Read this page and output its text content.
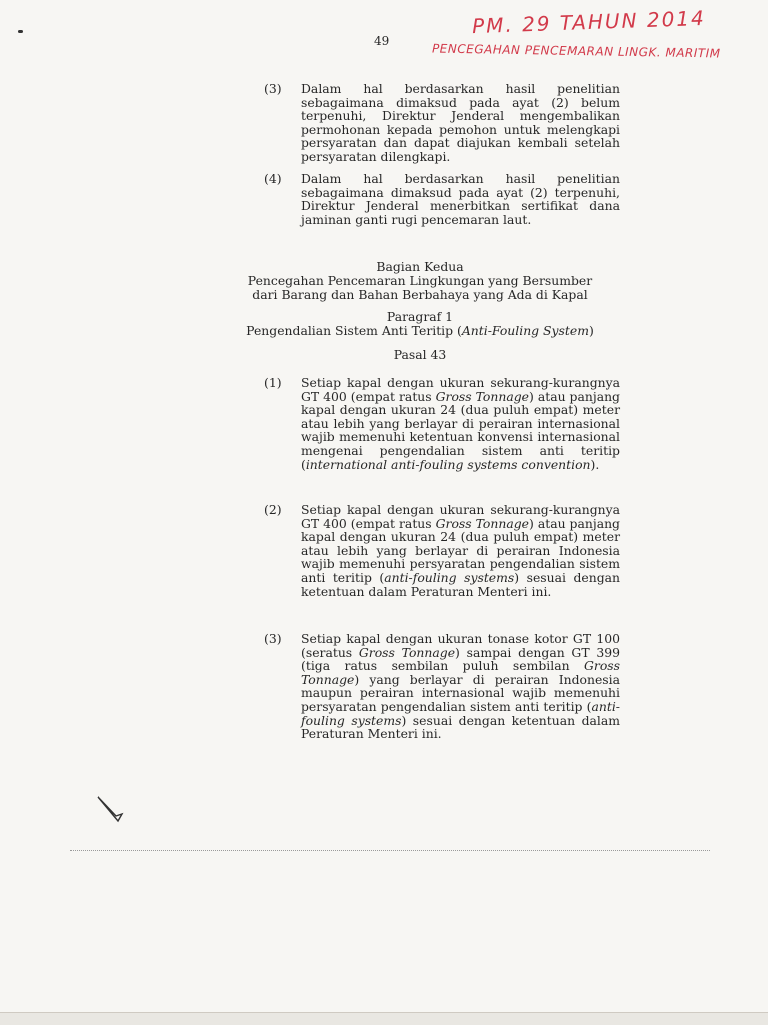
49
PM. 29 TAHUN 2014
PENCEGAHAN PENCEMARAN LINGK. MARITIM
(3) Dalam hal berdasarkan hasil penelitian sebagaimana dimaksud pada ayat (2) belum terpenuhi, Direktur Jenderal mengembalikan permohonan kepada pemohon untuk melengkapi persyaratan dan dapat diajukan kembali setelah persyaratan dilengkapi.
(4) Dalam hal berdasarkan hasil penelitian sebagaimana dimaksud pada ayat (2) terpenuhi, Direktur Jenderal menerbitkan sertifikat dana jaminan ganti rugi pencemaran laut.
Bagian Kedua
Pencegahan Pencemaran Lingkungan yang Bersumber
dari Barang dan Bahan Berbahaya yang Ada di Kapal
Paragraf 1
Pengendalian Sistem Anti Teritip (Anti-Fouling System)
Pasal 43
(1) Setiap kapal dengan ukuran sekurang-kurangnya GT 400 (empat ratus Gross Tonnage) atau panjang kapal dengan ukuran 24 (dua puluh empat) meter atau lebih yang berlayar di perairan internasional wajib memenuhi ketentuan konvensi internasional mengenai pengendalian sistem anti teritip (international anti-fouling systems convention).
(2) Setiap kapal dengan ukuran sekurang-kurangnya GT 400 (empat ratus Gross Tonnage) atau panjang kapal dengan ukuran 24 (dua puluh empat) meter atau lebih yang berlayar di perairan Indonesia wajib memenuhi persyaratan pengendalian sistem anti teritip (anti-fouling systems) sesuai dengan ketentuan dalam Peraturan Menteri ini.
(3) Setiap kapal dengan ukuran tonase kotor GT 100 (seratus Gross Tonnage) sampai dengan GT 399 (tiga ratus sembilan puluh sembilan Gross Tonnage) yang berlayar di perairan Indonesia maupun perairan internasional wajib memenuhi persyaratan pengendalian sistem anti teritip (anti-fouling systems) sesuai dengan ketentuan dalam Peraturan Menteri ini.
